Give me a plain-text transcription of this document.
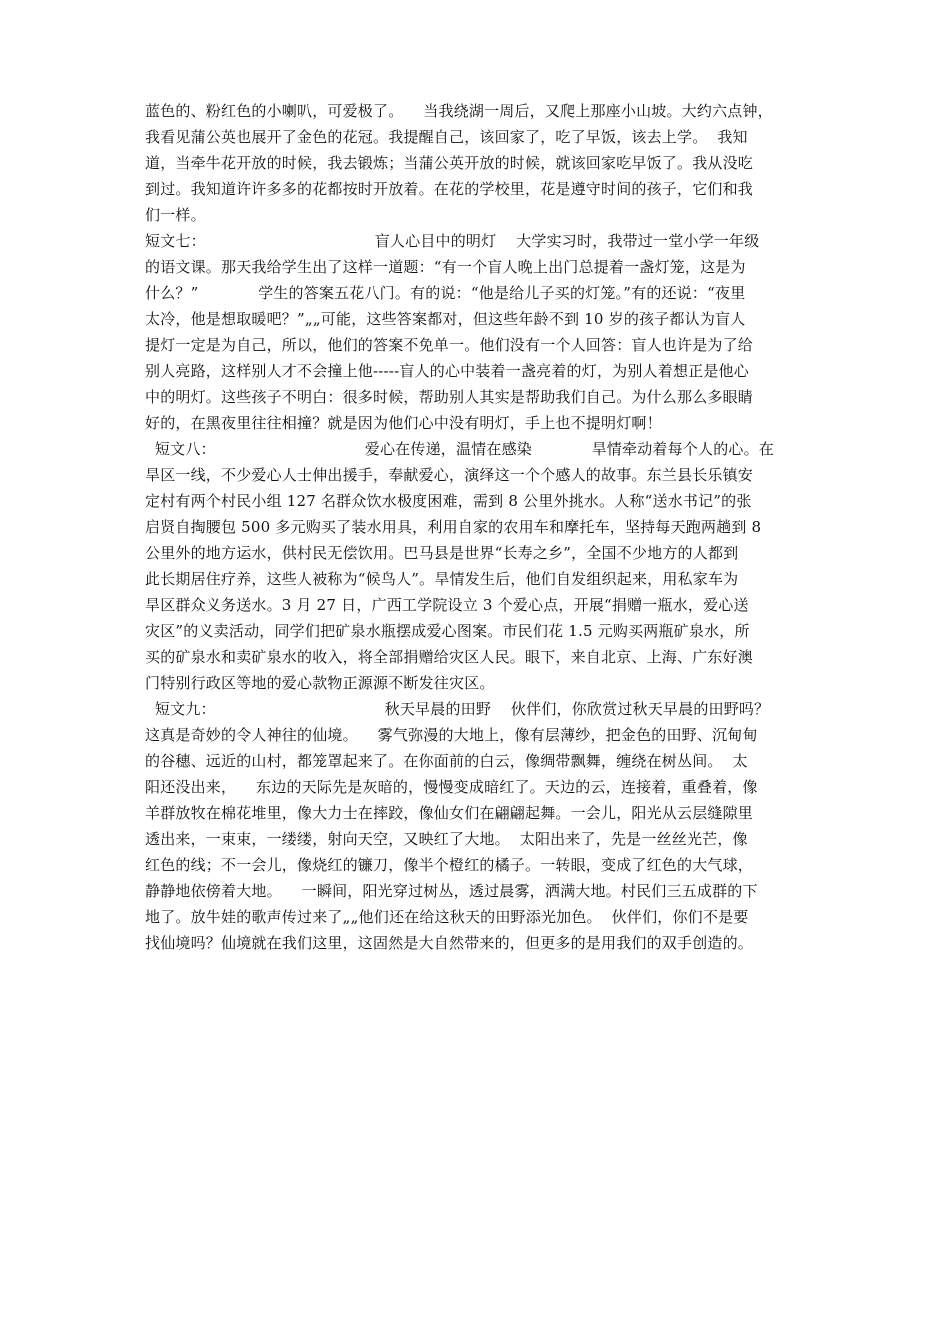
蓝色的、粉红色的小喇叭，可爱极了。    当我绕湖一周后，又爬上那座小山坡。大约六点钟，
我看见蒲公英也展开了金色的花冠。我提醒自己，该回家了，吃了早饭，该去上学。  我知
道，当牵牛花开放的时候，我去锻炼；当蒲公英开放的时候，就该回家吃早饭了。我从没吃
到过。我知道许许多多的花都按时开放着。在花的学校里，花是遵守时间的孩子，它们和我
们一样。
短文七：                                  盲人心目中的明灯    大学实习时，我带过一堂小学一年级
的语文课。那天我给学生出了这样一道题：“有一个盲人晚上出门总提着一盏灯笼，这是为
什么？”            学生的答案五花八门。有的说：“他是给儿子买的灯笼。”有的还说：“夜里
太冷，他是想取暖吧？”„„可能，这些答案都对，但这些年龄不到 10 岁的孩子都认为盲人
提灯一定是为自己，所以，他们的答案不免单一。他们没有一个人回答：盲人也许是为了给
别人亮路，这样别人才不会撞上他-----盲人的心中装着一盏亮着的灯，为别人着想正是他心
中的明灯。这些孩子不明白：很多时候，帮助别人其实是帮助我们自己。为什么那么多眼睛
好的，在黑夜里往往相撞？就是因为他们心中没有明灯，手上也不提明灯啊！
短文八：                              爱心在传递，温情在感染            旱情牵动着每个人的心。在
旱区一线，不少爱心人士伸出援手，奉献爱心，演绎这一个个感人的故事。东兰县长乐镇安
定村有两个村民小组 127 名群众饮水极度困难，需到 8 公里外挑水。人称“送水书记”的张
启贤自掏腰包 500 多元购买了装水用具，利用自家的农用车和摩托车，坚持每天跑两趟到 8
公里外的地方运水，供村民无偿饮用。巴马县是世界“长寿之乡”，全国不少地方的人都到
此长期居住疗养，这些人被称为“候鸟人”。旱情发生后，他们自发组织起来，用私家车为
旱区群众义务送水。3 月 27 日，广西工学院设立 3 个爱心点，开展“捐赠一瓶水，爱心送
灾区”的义卖活动，同学们把矿泉水瓶摆成爱心图案。市民们花 1.5 元购买两瓶矿泉水，所
买的矿泉水和卖矿泉水的收入，将全部捐赠给灾区人民。眼下，来自北京、上海、广东好澳
门特别行政区等地的爱心款物正源源不断发往灾区。
短文九：                                  秋天早晨的田野    伙伴们，你欣赏过秋天早晨的田野吗？
这真是奇妙的令人神往的仙境。    雾气弥漫的大地上，像有层薄纱，把金色的田野、沉甸甸
的谷穗、远近的山村，都笼罩起来了。在你面前的白云，像绸带飘舞，缠绕在树丛间。  太
阳还没出来，    东边的天际先是灰暗的，慢慢变成暗红了。天边的云，连接着，重叠着，像
羊群放牧在棉花堆里，像大力士在摔跤，像仙女们在翩翩起舞。一会儿，阳光从云层缝隙里
透出来，一束束，一缕缕，射向天空，又映红了大地。  太阳出来了，先是一丝丝光芒，像
红色的线；不一会儿，像烧红的镰刀，像半个橙红的橘子。一转眼，变成了红色的大气球，
静静地依傍着大地。    一瞬间，阳光穿过树丛，透过晨雾，洒满大地。村民们三五成群的下
地了。放牛娃的歌声传过来了„„他们还在给这秋天的田野添光加色。  伙伴们，你们不是要
找仙境吗？仙境就在我们这里，这固然是大自然带来的，但更多的是用我们的双手创造的。
